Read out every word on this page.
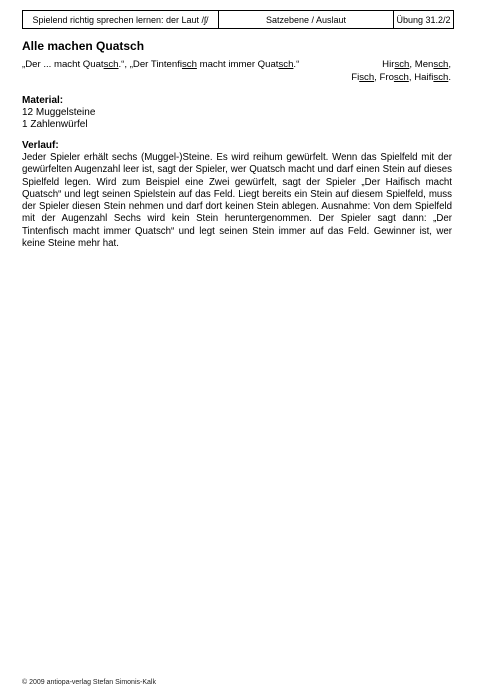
Spielend richtig sprechen lernen: der Laut /ʃ/	Satzebene / Auslaut	Übung 31.2/2
Alle machen Quatsch
„Der ... macht Quatsch.“, „Der Tintenfisch macht immer Quatsch.“	Hirsch, Mensch,
Fisch, Frosch, Haifisch.
Material:
12 Muggelsteine
1 Zahlenwürfel
Verlauf:
Jeder Spieler erhält sechs (Muggel-)Steine. Es wird reihum gewürfelt. Wenn das Spielfeld mit der gewürfelten Augenzahl leer ist, sagt der Spieler, wer Quatsch macht und darf einen Stein auf dieses Spielfeld legen. Wird zum Beispiel eine Zwei gewürfelt, sagt der Spieler „Der Haifisch macht Quatsch“ und legt seinen Spielstein auf das Feld. Liegt bereits ein Stein auf diesem Spielfeld, muss der Spieler diesen Stein nehmen und darf dort keinen Stein ablegen. Ausnahme: Von dem Spielfeld mit der Augenzahl Sechs wird kein Stein heruntergenommen. Der Spieler sagt dann: „Der Tintenfisch macht immer Quatsch“ und legt seinen Stein immer auf das Feld. Gewinner ist, wer keine Steine mehr hat.
© 2009 antiopa-verlag Stefan Simonis-Kalk
